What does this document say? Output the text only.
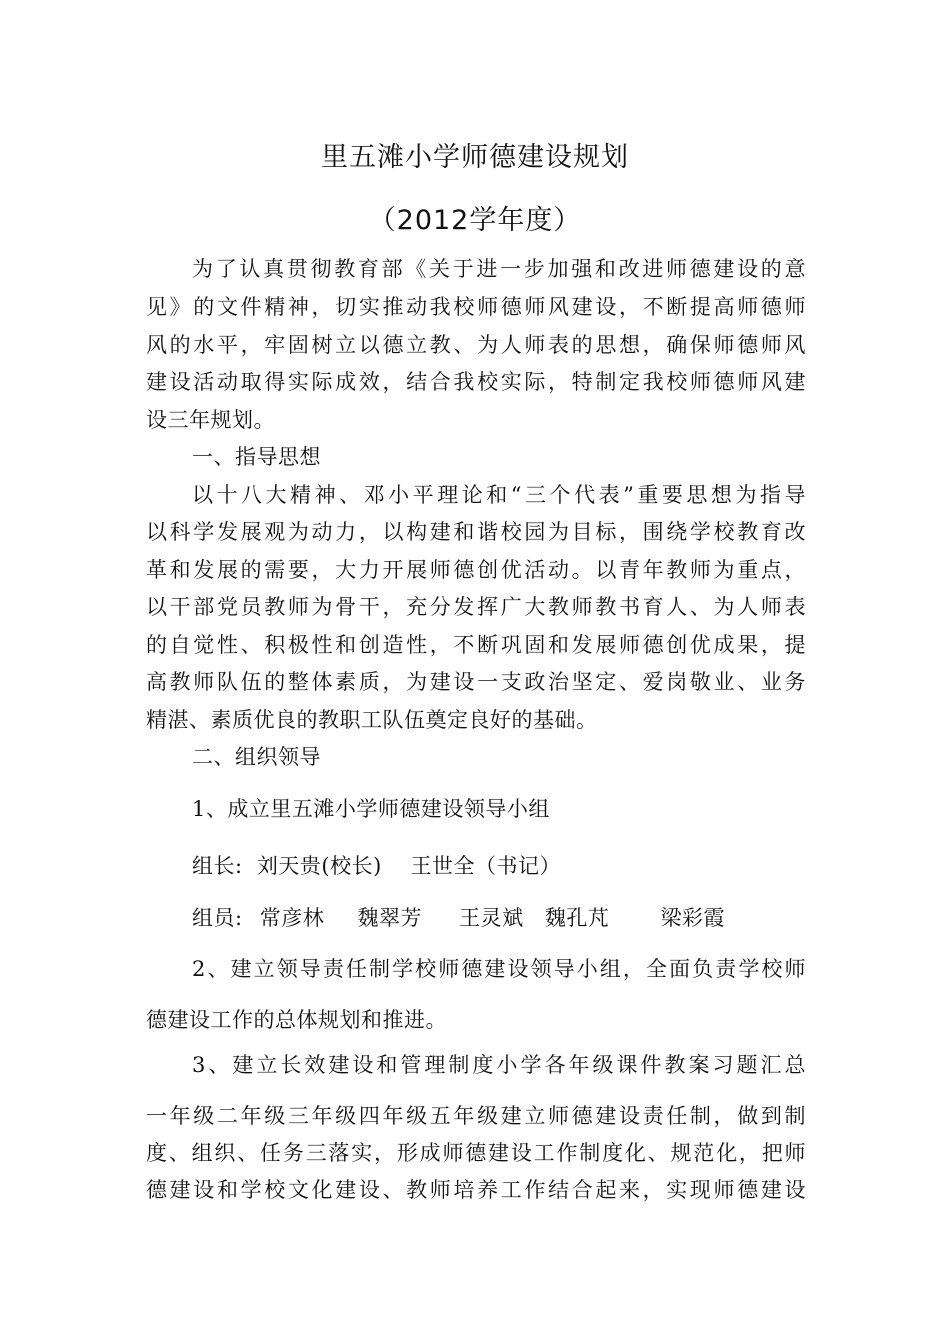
里五滩小学师德建设规划
（2012学年度）
为了认真贯彻教育部《关于进一步加强和改进师德建设的意
见》的文件精神，切实推动我校师德师风建设，不断提高师德师
风的水平，牢固树立以德立教、为人师表的思想，确保师德师风
建设活动取得实际成效，结合我校实际，特制定我校师德师风建
设三年规划。
一、指导思想
以十八大精神、邓小平理论和“三个代表”重要思想为指导
以科学发展观为动力，以构建和谐校园为目标，围绕学校教育改
革和发展的需要，大力开展师德创优活动。以青年教师为重点，
以干部党员教师为骨干，充分发挥广大教师教书育人、为人师表
的自觉性、积极性和创造性，不断巩固和发展师德创优成果，提
高教师队伍的整体素质，为建设一支政治坚定、爱岗敬业、业务
精湛、素质优良的教职工队伍奠定良好的基础。
二、组织领导
1、成立里五滩小学师德建设领导小组
组长:  刘天贵(校长)    王世全（书记）
组员: 常彦林 魏翠芳 王灵斌 魏孔芃 梁彩霞
2、建立领导责任制学校师德建设领导小组，全面负责学校师
德建设工作的总体规划和推进。
3、建立长效建设和管理制度小学各年级课件教案习题汇总
一年级二年级三年级四年级五年级建立师德建设责任制，做到制
度、组织、任务三落实，形成师德建设工作制度化、规范化，把师
德建设和学校文化建设、教师培养工作结合起来，实现师德建设
